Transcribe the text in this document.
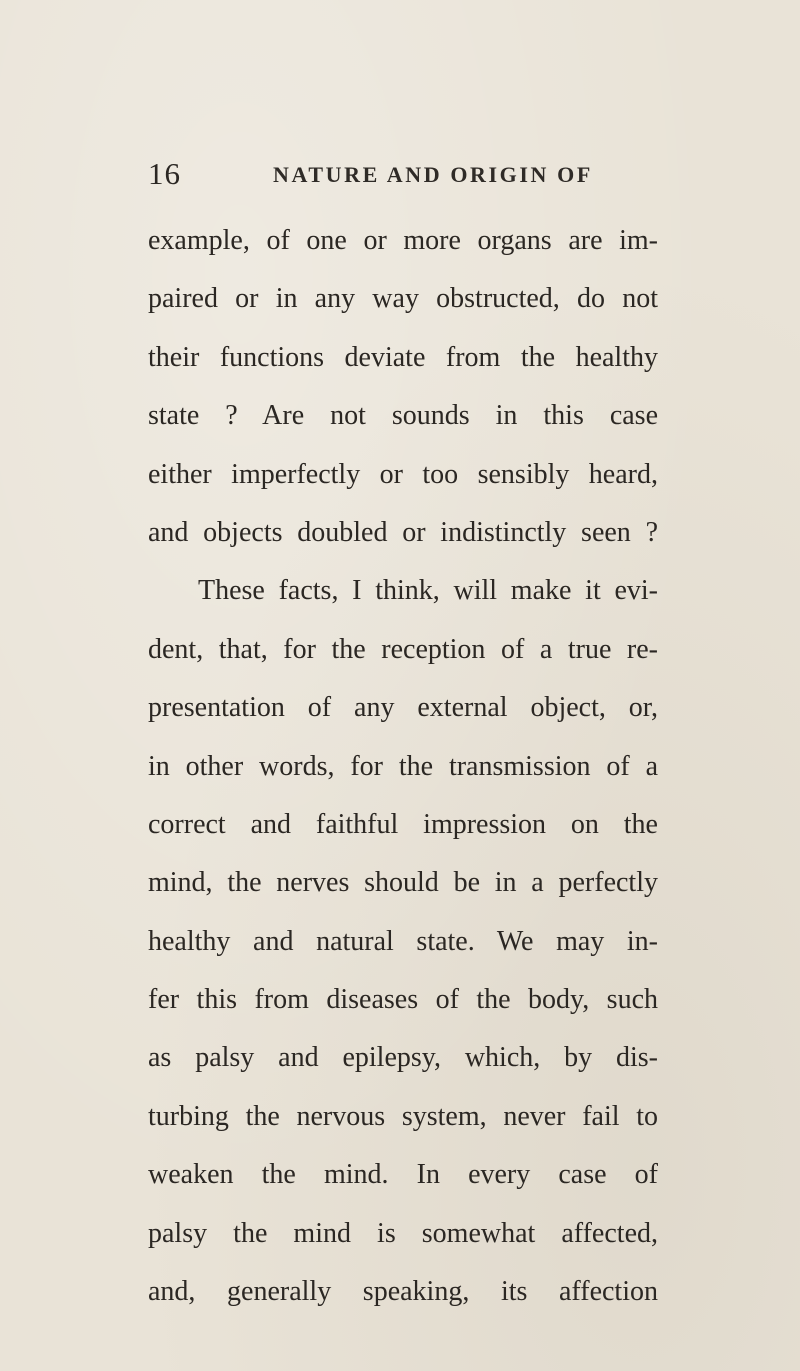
16	NATURE AND ORIGIN OF
example, of one or more organs are im-
paired or in any way obstructed, do not
their functions deviate from the healthy
state ? Are not sounds in this case
either imperfectly or too sensibly heard,
and objects doubled or indistinctly seen ?
These facts, I think, will make it evi-
dent, that, for the reception of a true re-
presentation of any external object, or,
in other words, for the transmission of a
correct and faithful impression on the
mind, the nerves should be in a perfectly
healthy and natural state. We may in-
fer this from diseases of the body, such
as palsy and epilepsy, which, by dis-
turbing the nervous system, never fail to
weaken the mind. In every case of
palsy the mind is somewhat affected,
and, generally speaking, its affection
